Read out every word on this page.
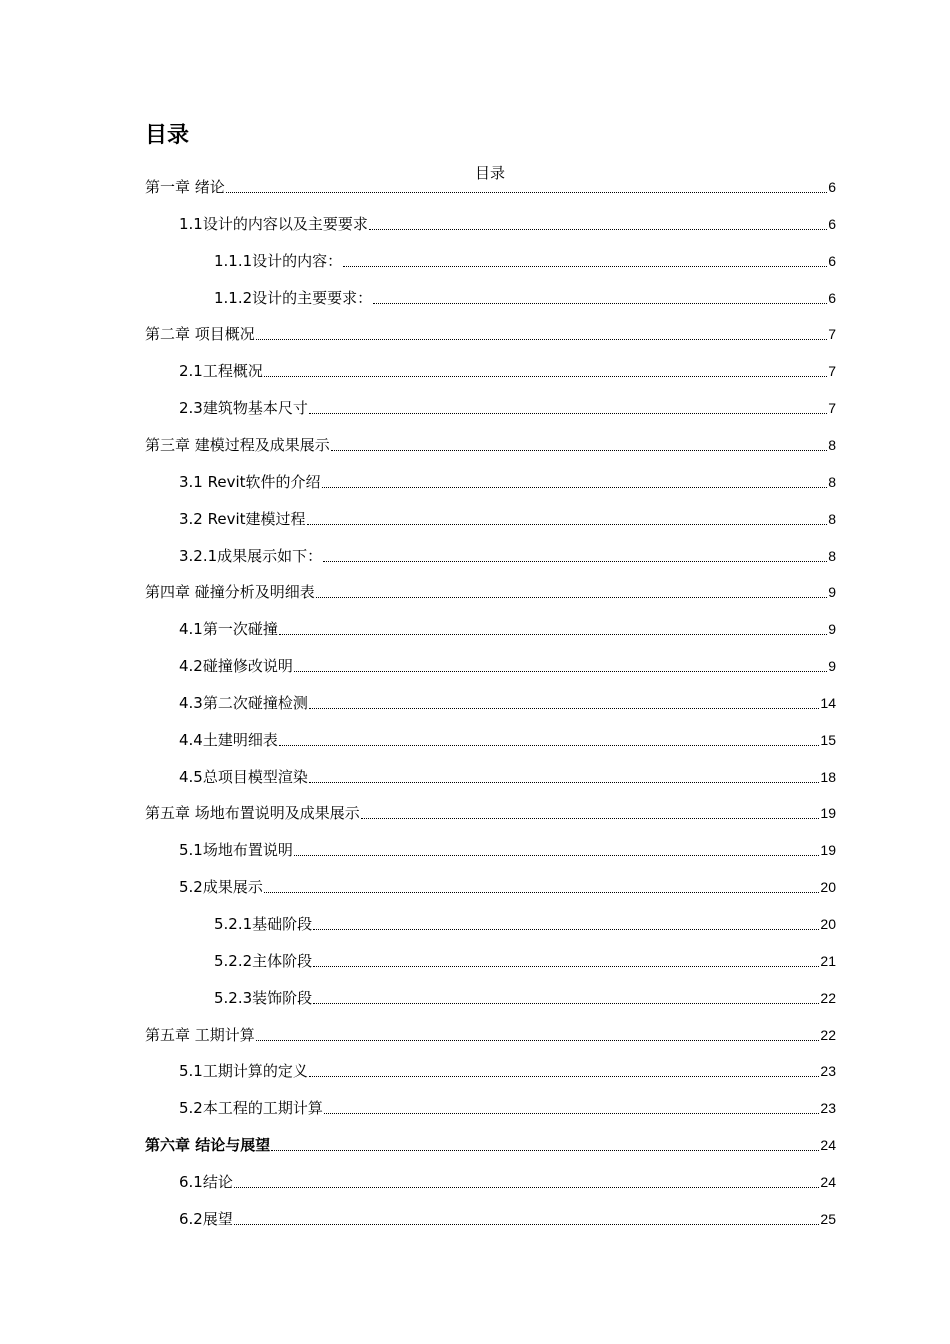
目录
目录
第一章 绪论	6
1.1设计的内容以及主要要求	6
1.1.1设计的内容：	6
1.1.2设计的主要要求：	6
第二章 项目概况	7
2.1工程概况	7
2.3建筑物基本尺寸	7
第三章 建模过程及成果展示	8
3.1 Revit软件的介绍	8
3.2 Revit建模过程	8
3.2.1成果展示如下：	8
第四章 碰撞分析及明细表	9
4.1第一次碰撞	9
4.2碰撞修改说明	9
4.3第二次碰撞检测	14
4.4土建明细表	15
4.5总项目模型渲染	18
第五章 场地布置说明及成果展示	19
5.1场地布置说明	19
5.2成果展示	20
5.2.1基础阶段	20
5.2.2主体阶段	21
5.2.3装饰阶段	22
第五章 工期计算	22
5.1工期计算的定义	23
5.2本工程的工期计算	23
第六章 结论与展望	24
6.1结论	24
6.2展望	25
